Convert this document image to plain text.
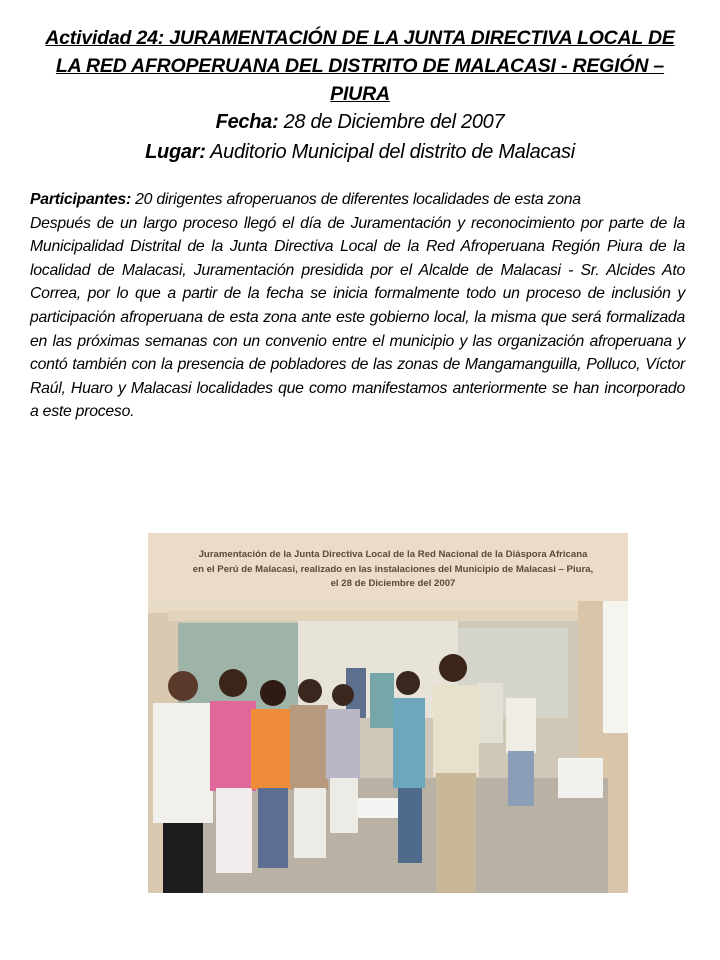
Actividad 24: JURAMENTACIÓN DE LA JUNTA DIRECTIVA LOCAL DE
LA RED AFROPERUANA DEL DISTRITO DE MALACASI - REGIÓN –
PIURA
Fecha: 28 de Diciembre del 2007
Lugar: Auditorio Municipal del distrito de Malacasi

Participantes: 20 dirigentes afroperuanos de diferentes localidades de esta zona

Después de un largo proceso llegó el día de Juramentación y reconocimiento por parte de la Municipalidad Distrital de la Junta Directiva Local de la Red Afroperuana Región Piura de la localidad de Malacasi, Juramentación presidida por el Alcalde de Malacasi - Sr. Alcides Ato Correa, por lo que a partir de la fecha se inicia formalmente todo un proceso de inclusión y participación afroperuana de esta zona ante este gobierno local, la misma que será formalizada en las próximas semanas con un convenio entre el municipio y las organización afroperuana y contó también con la presencia de pobladores de las zonas de Mangamanguilla, Polluco, Víctor Raúl, Huaro y Malacasi localidades que como manifestamos anteriormente se han incorporado a este proceso.

Juramentación de la Junta Directiva Local de la Red Nacional de la Diáspora Africana
en el Perú de Malacasi, realizado en las instalaciones del Municipio de Malacasi – Piura,
el 28 de Diciembre del 2007
